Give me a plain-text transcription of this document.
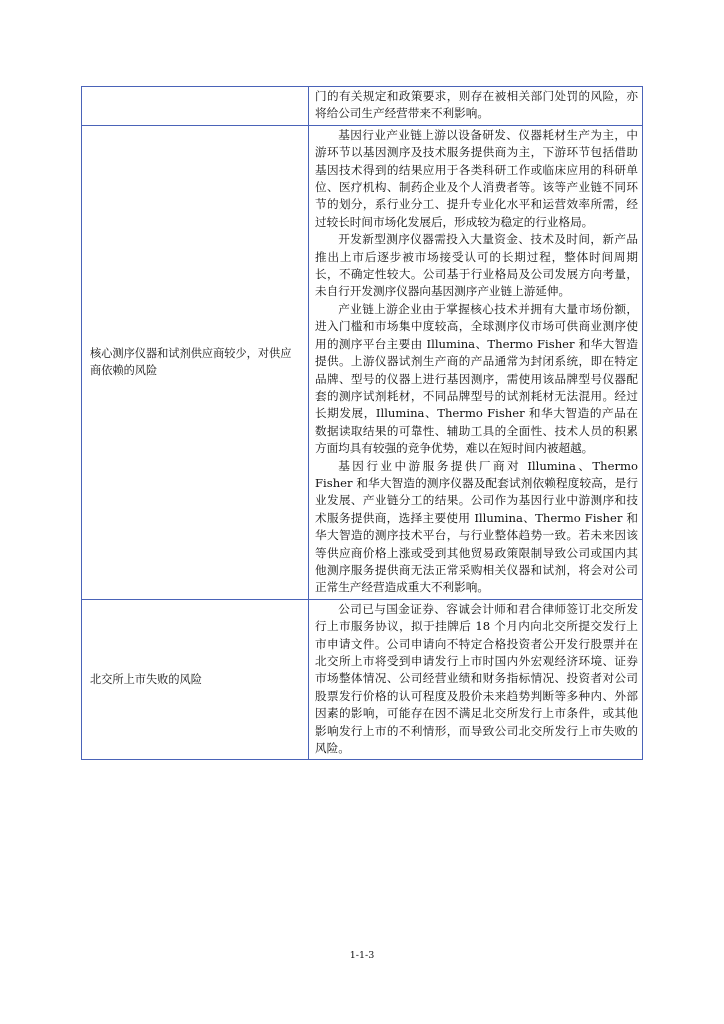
	门的有关规定和政策要求，则存在被相关部门处罚的风险，亦将给公司生产经营带来不利影响。

核心测序仪器和试剂供应商较少，对供应商依赖的风险	基因行业产业链上游以设备研发、仪器耗材生产为主，中游环节以基因测序及技术服务提供商为主，下游环节包括借助基因技术得到的结果应用于各类科研工作或临床应用的科研单位、医疗机构、制药企业及个人消费者等。该等产业链不同环节的划分，系行业分工、提升专业化水平和运营效率所需，经过较长时间市场化发展后，形成较为稳定的行业格局。

开发新型测序仪器需投入大量资金、技术及时间，新产品推出上市后逐步被市场接受认可的长期过程，整体时间周期长，不确定性较大。公司基于行业格局及公司发展方向考量，未自行开发测序仪器向基因测序产业链上游延伸。

产业链上游企业由于掌握核心技术并拥有大量市场份额，进入门槛和市场集中度较高，全球测序仪市场可供商业测序使用的测序平台主要由 Illumina、Thermo Fisher 和华大智造提供。上游仪器试剂生产商的产品通常为封闭系统，即在特定品牌、型号的仪器上进行基因测序，需使用该品牌型号仪器配套的测序试剂耗材，不同品牌型号的试剂耗材无法混用。经过长期发展，Illumina、Thermo Fisher 和华大智造的产品在数据读取结果的可靠性、辅助工具的全面性、技术人员的积累方面均具有较强的竞争优势，难以在短时间内被超越。

基因行业中游服务提供厂商对 Illumina、Thermo Fisher 和华大智造的测序仪器及配套试剂依赖程度较高，是行业发展、产业链分工的结果。公司作为基因行业中游测序和技术服务提供商，选择主要使用 Illumina、Thermo Fisher 和华大智造的测序技术平台，与行业整体趋势一致。若未来因该等供应商价格上涨或受到其他贸易政策限制导致公司或国内其他测序服务提供商无法正常采购相关仪器和试剂，将会对公司正常生产经营造成重大不利影响。

北交所上市失败的风险	公司已与国金证券、容诚会计师和君合律师签订北交所发行上市服务协议，拟于挂牌后 18 个月内向北交所提交发行上市申请文件。公司申请向不特定合格投资者公开发行股票并在北交所上市将受到申请发行上市时国内外宏观经济环境、证券市场整体情况、公司经营业绩和财务指标情况、投资者对公司股票发行价格的认可程度及股价未来趋势判断等多种内、外部因素的影响，可能存在因不满足北交所发行上市条件，或其他影响发行上市的不利情形，而导致公司北交所发行上市失败的风险。

1-1-3
